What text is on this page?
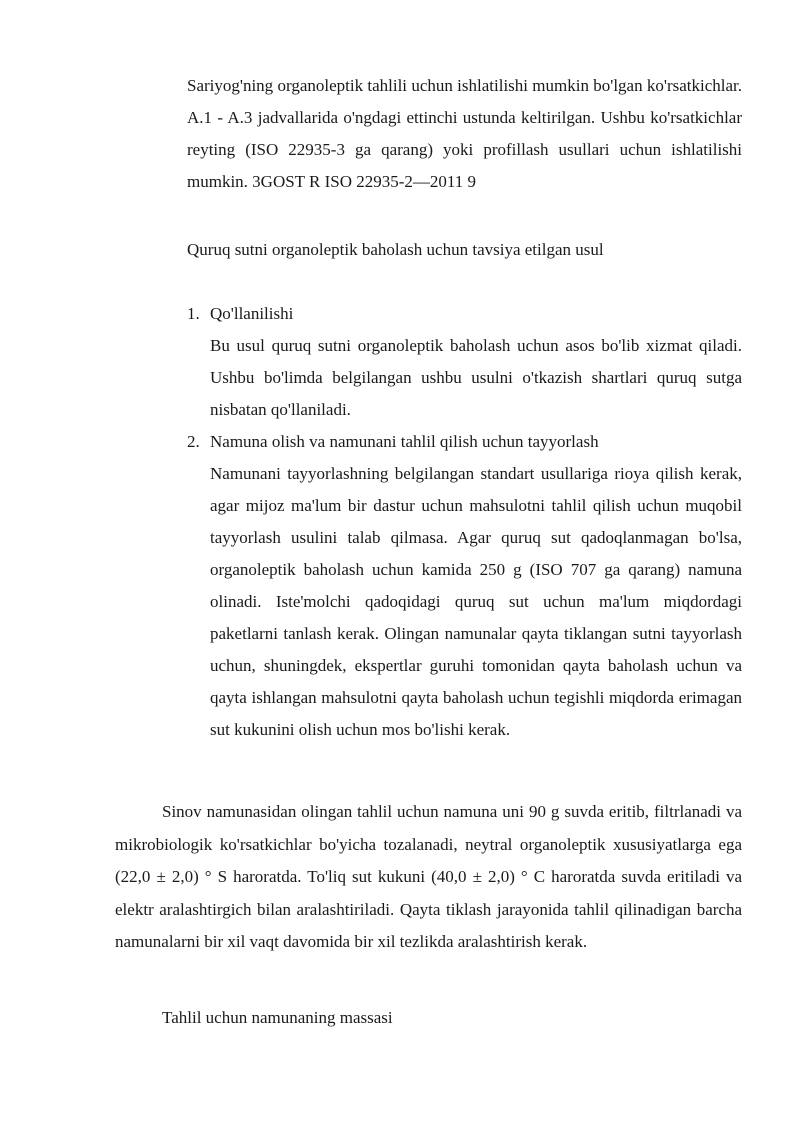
Sariyog'ning organoleptik tahlili uchun ishlatilishi mumkin bo'lgan ko'rsatkichlar. A.1 - A.3 jadvallarida o'ngdagi ettinchi ustunda keltirilgan. Ushbu ko'rsatkichlar reyting (ISO 22935-3 ga qarang) yoki profillash usullari uchun ishlatilishi mumkin. 3GOST R ISO 22935-2—2011 9

Quruq sutni organoleptik baholash uchun tavsiya etilgan usul

1. Qo'llanilishi
Bu usul quruq sutni organoleptik baholash uchun asos bo'lib xizmat qiladi. Ushbu bo'limda belgilangan ushbu usulni o'tkazish shartlari quruq sutga nisbatan qo'llaniladi.
2. Namuna olish va namunani tahlil qilish uchun tayyorlash
Namunani tayyorlashning belgilangan standart usullariga rioya qilish kerak, agar mijoz ma'lum bir dastur uchun mahsulotni tahlil qilish uchun muqobil tayyorlash usulini talab qilmasa. Agar quruq sut qadoqlanmagan bo'lsa, organoleptik baholash uchun kamida 250 g (ISO 707 ga qarang) namuna olinadi. Iste'molchi qadoqidagi quruq sut uchun ma'lum miqdordagi paketlarni tanlash kerak. Olingan namunalar qayta tiklangan sutni tayyorlash uchun, shuningdek, ekspertlar guruhi tomonidan qayta baholash uchun va qayta ishlangan mahsulotni qayta baholash uchun tegishli miqdorda erimagan sut kukunini olish uchun mos bo'lishi kerak.

Sinov namunasidan olingan tahlil uchun namuna uni 90 g suvda eritib, filtrlanadi va mikrobiologik ko'rsatkichlar bo'yicha tozalanadi, neytral organoleptik xususiyatlarga ega (22,0 ± 2,0) ° S haroratda. To'liq sut kukuni (40,0 ± 2,0) ° C haroratda suvda eritiladi va elektr aralashtirgich bilan aralashtiriladi. Qayta tiklash jarayonida tahlil qilinadigan barcha namunalarni bir xil vaqt davomida bir xil tezlikda aralashtirish kerak.

Tahlil uchun namunaning massasi
